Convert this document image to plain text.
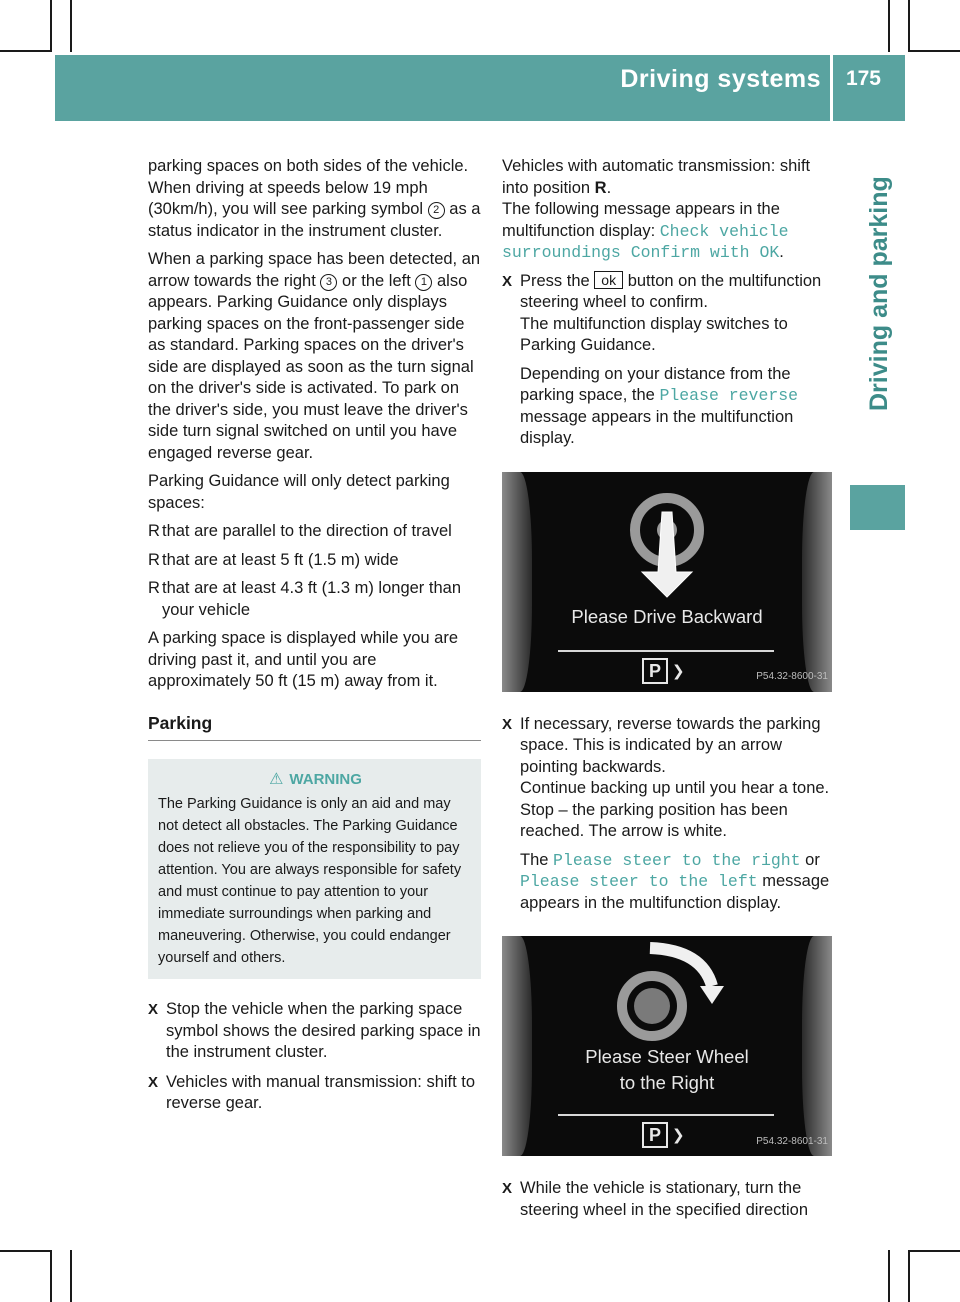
Driving systems 175
Driving and parking

parking spaces on both sides of the vehicle. When driving at speeds below 19 mph (30km/h), you will see parking symbol 2 as a status indicator in the instrument cluster.

When a parking space has been detected, an arrow towards the right 3 or the left 1 also appears. Parking Guidance only displays parking spaces on the front-passenger side as standard. Parking spaces on the driver's side are displayed as soon as the turn signal on the driver's side is activated. To park on the driver's side, you must leave the driver's side turn signal switched on until you have engaged reverse gear.

Parking Guidance will only detect parking spaces:

R that are parallel to the direction of travel

R that are at least 5 ft (1.5 m) wide

R that are at least 4.3 ft (1.3 m) longer than your vehicle

A parking space is displayed while you are driving past it, and until you are approximately 50 ft (15 m) away from it.

Parking
⚠ WARNING
The Parking Guidance is only an aid and may not detect all obstacles. The Parking Guidance does not relieve you of the responsibility to pay attention. You are always responsible for safety and must continue to pay attention to your immediate surroundings when parking and maneuvering. Otherwise, you could endanger yourself and others.
X Stop the vehicle when the parking space symbol shows the desired parking space in the instrument cluster.
X Vehicles with manual transmission: shift to reverse gear.

Vehicles with automatic transmission: shift into position R.
The following message appears in the multifunction display: Check vehicle surroundings Confirm with OK.

X Press the ok button on the multifunction steering wheel to confirm.
The multifunction display switches to Parking Guidance.
Depending on your distance from the parking space, the Please reverse message appears in the multifunction display.
Please Drive Backward
P ❯	P54.32-8600-31
X If necessary, reverse towards the parking space. This is indicated by an arrow pointing backwards.
Continue backing up until you hear a tone. Stop – the parking position has been reached. The arrow is white.
The Please steer to the right or Please steer to the left message appears in the multifunction display.
Please Steer Wheel
to the Right
P ❯	P54.32-8601-31
X While the vehicle is stationary, turn the steering wheel in the specified direction
